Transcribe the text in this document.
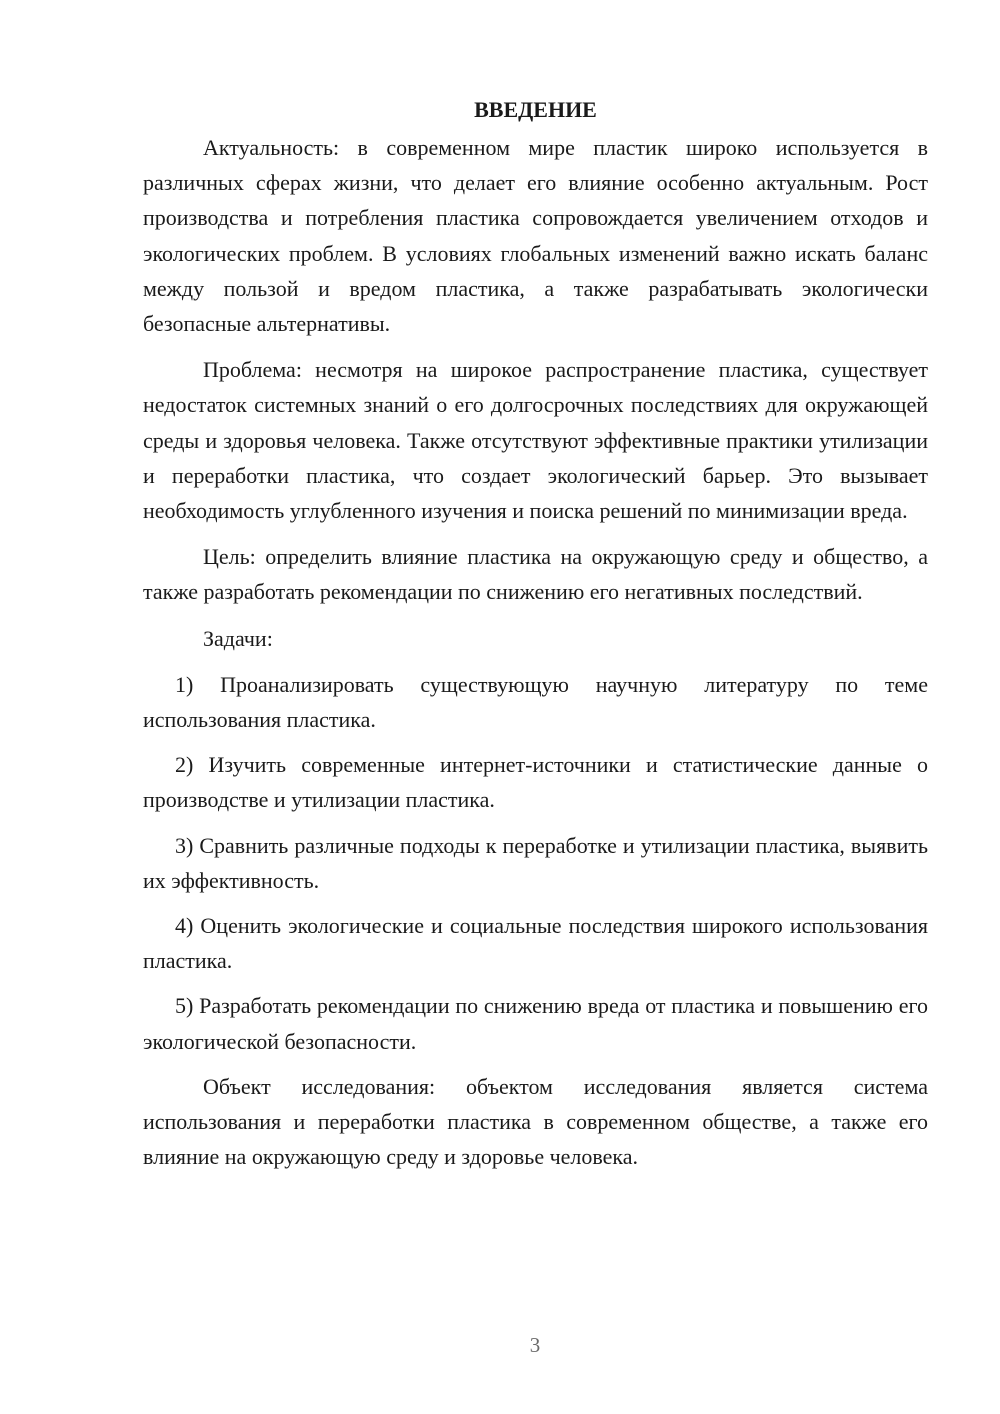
ВВЕДЕНИЕ

Актуальность: в современном мире пластик широко используется в различных сферах жизни, что делает его влияние особенно актуальным. Рост производства и потребления пластика сопровождается увеличением отходов и экологических проблем. В условиях глобальных изменений важно искать баланс между пользой и вредом пластика, а также разрабатывать экологически безопасные альтернативы.

Проблема: несмотря на широкое распространение пластика, существует недостаток системных знаний о его долгосрочных последствиях для окружающей среды и здоровья человека. Также отсутствуют эффективные практики утилизации и переработки пластика, что создает экологический барьер. Это вызывает необходимость углубленного изучения и поиска решений по минимизации вреда.

Цель: определить влияние пластика на окружающую среду и общество, а также разработать рекомендации по снижению его негативных последствий.

Задачи:

1) Проанализировать существующую научную литературу по теме использования пластика.

2) Изучить современные интернет-источники и статистические данные о производстве и утилизации пластика.

3) Сравнить различные подходы к переработке и утилизации пластика, выявить их эффективность.

4) Оценить экологические и социальные последствия широкого использования пластика.

5) Разработать рекомендации по снижению вреда от пластика и повышению его экологической безопасности.

Объект исследования: объектом исследования является система использования и переработки пластика в современном обществе, а также его влияние на окружающую среду и здоровье человека.

3
